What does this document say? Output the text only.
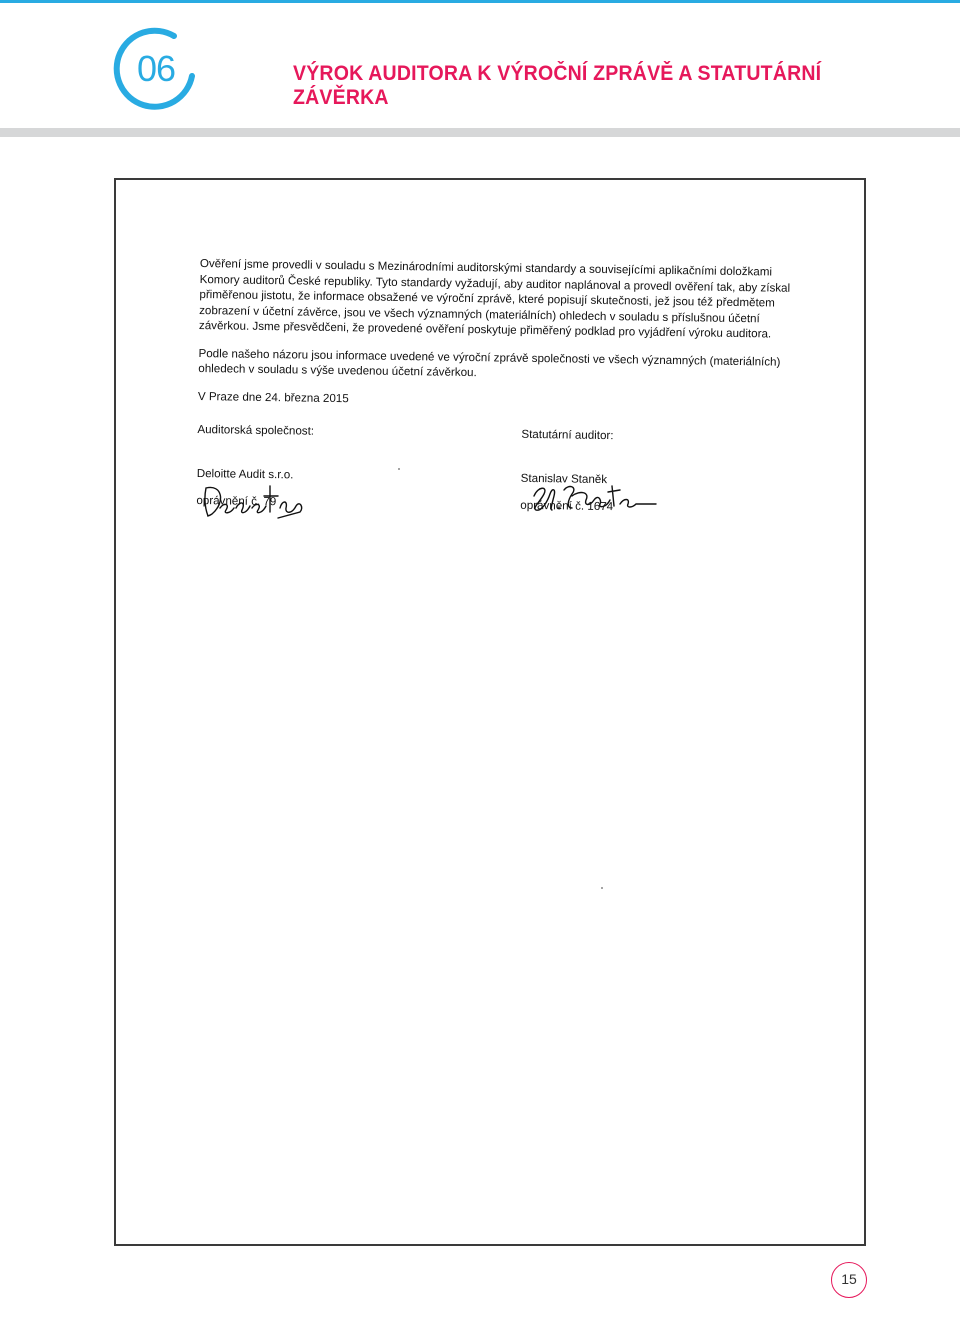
06	VÝROK AUDITORA K VÝROČNÍ ZPRÁVĚ A STATUTÁRNÍ ZÁVĚRKA

Ověření jsme provedli v souladu s Mezinárodními auditorskými standardy a souvisejícími aplikačními doložkami Komory auditorů České republiky. Tyto standardy vyžadují, aby auditor naplánoval a provedl ověření tak, aby získal přiměřenou jistotu, že informace obsažené ve výroční zprávě, které popisují skutečnosti, jež jsou též předmětem zobrazení v účetní závěrce, jsou ve všech významných (materiálních) ohledech v souladu s příslušnou účetní závěrkou. Jsme přesvědčeni, že provedené ověření poskytuje přiměřený podklad pro vyjádření výroku auditora.

Podle našeho názoru jsou informace uvedené ve výroční zprávě společnosti ve všech významných (materiálních) ohledech v souladu s výše uvedenou účetní závěrkou.

V Praze dne 24. března 2015

Auditorská společnost:

Deloitte Audit s.r.o.

oprávnění č. 79

Statutární auditor:

Stanislav Staněk

oprávnění č. 1674

15
